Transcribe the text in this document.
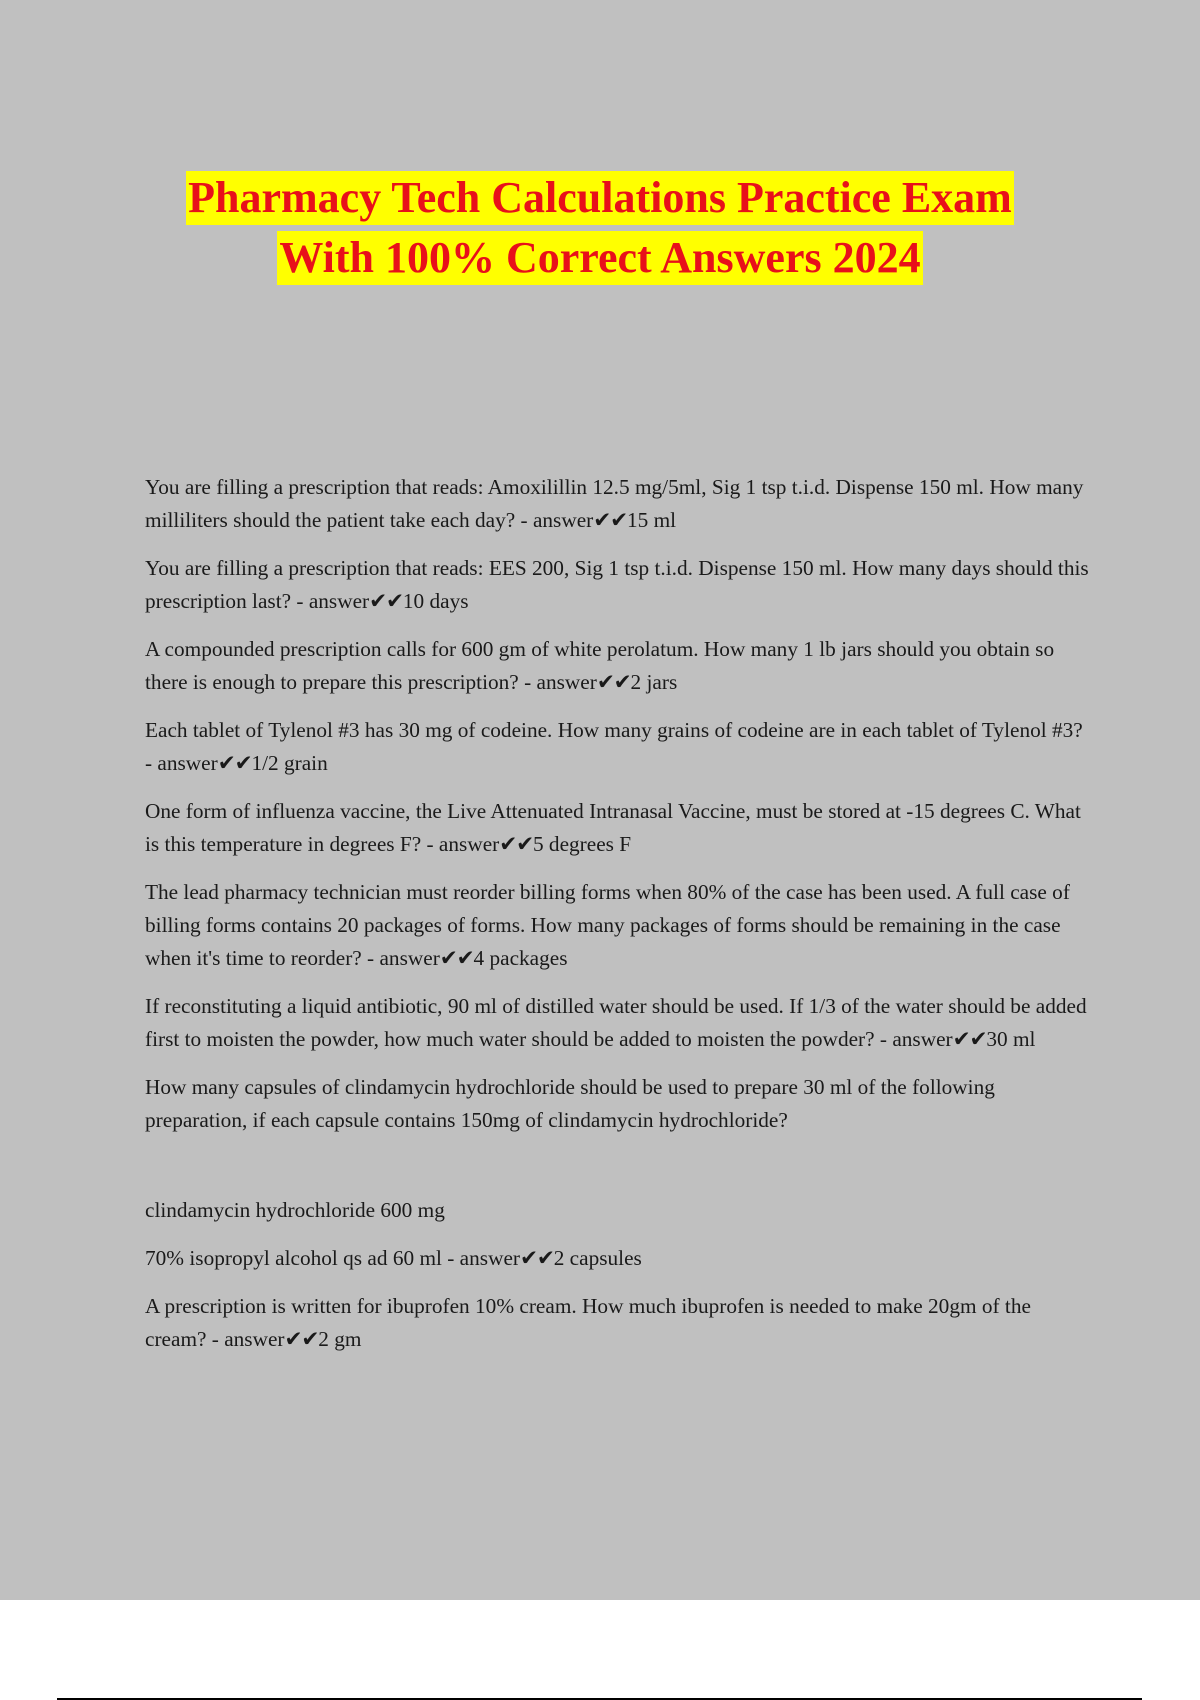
Pharmacy Tech Calculations Practice Exam
With 100% Correct Answers 2024

You are filling a prescription that reads: Amoxilillin 12.5 mg/5ml, Sig 1 tsp t.i.d. Dispense 150 ml. How many milliliters should the patient take each day? - answer✔✔15 ml

You are filling a prescription that reads: EES 200, Sig 1 tsp t.i.d. Dispense 150 ml. How many days should this prescription last? - answer✔✔10 days

A compounded prescription calls for 600 gm of white perolatum. How many 1 lb jars should you obtain so there is enough to prepare this prescription? - answer✔✔2 jars

Each tablet of Tylenol #3 has 30 mg of codeine. How many grains of codeine are in each tablet of Tylenol #3? - answer✔✔1/2 grain

One form of influenza vaccine, the Live Attenuated Intranasal Vaccine, must be stored at -15 degrees C. What is this temperature in degrees F? - answer✔✔5 degrees F

The lead pharmacy technician must reorder billing forms when 80% of the case has been used. A full case of billing forms contains 20 packages of forms. How many packages of forms should be remaining in the case when it's time to reorder? - answer✔✔4 packages

If reconstituting a liquid antibiotic, 90 ml of distilled water should be used. If 1/3 of the water should be added first to moisten the powder, how much water should be added to moisten the powder? - answer✔✔30 ml

How many capsules of clindamycin hydrochloride should be used to prepare 30 ml of the following preparation, if each capsule contains 150mg of clindamycin hydrochloride?

clindamycin hydrochloride 600 mg

70% isopropyl alcohol qs ad 60 ml - answer✔✔2 capsules

A prescription is written for ibuprofen 10% cream. How much ibuprofen is needed to make 20gm of the cream? - answer✔✔2 gm
